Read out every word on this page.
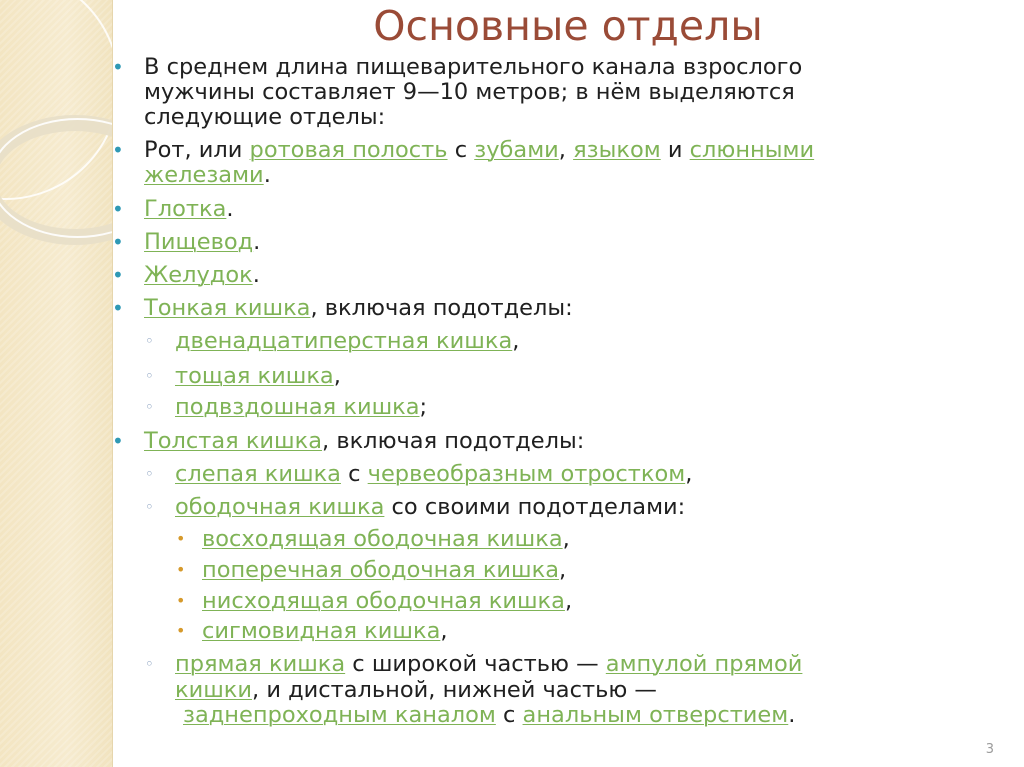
Основные отделы
• В среднем длина пищеварительного канала взрослого
мужчины составляет 9—10 метров; в нём выделяются
следующие отделы:
• Рот, или ротовая полость с зубами, языком и слюнными
железами.
• Глотка.
• Пищевод.
• Желудок.
• Тонкая кишка, включая подотделы:
◦ двенадцатиперстная кишка,
◦ тощая кишка,
◦ подвздошная кишка;
• Толстая кишка, включая подотделы:
◦ слепая кишка с червеобразным отростком,
◦ ободочная кишка со своими подотделами:
• восходящая ободочная кишка,
• поперечная ободочная кишка,
• нисходящая ободочная кишка,
• сигмовидная кишка,
◦ прямая кишка с широкой частью — ампулой прямой
кишки, и дистальной, нижней частью —
заднепроходным каналом с анальным отверстием.
3
